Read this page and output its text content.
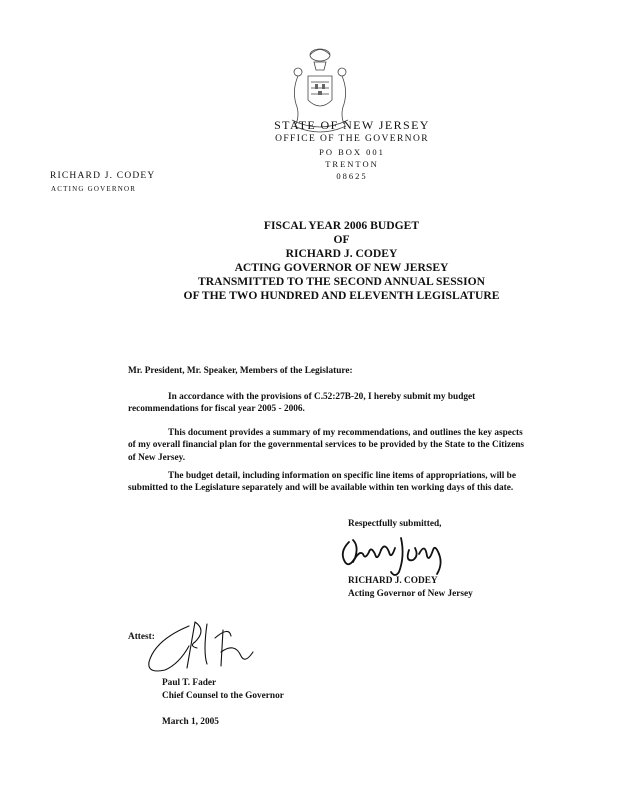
STATE OF NEW JERSEY
OFFICE OF THE GOVERNOR
PO BOX 001
TRENTON
08625
RICHARD J. CODEY
ACTING GOVERNOR
FISCAL YEAR 2006 BUDGET
OF
RICHARD J. CODEY
ACTING GOVERNOR OF NEW JERSEY
TRANSMITTED TO THE SECOND ANNUAL SESSION
OF THE TWO HUNDRED AND ELEVENTH LEGISLATURE
Mr. President, Mr. Speaker, Members of the Legislature:
In accordance with the provisions of C.52:27B-20, I hereby submit my budget recommendations for fiscal year 2005 - 2006.
This document provides a summary of my recommendations, and outlines the key aspects of my overall financial plan for the governmental services to be provided by the State to the Citizens of New Jersey.
The budget detail, including information on specific line items of appropriations, will be submitted to the Legislature separately and will be available within ten working days of this date.
Respectfully submitted,
RICHARD J. CODEY
Acting Governor of New Jersey
Attest:
Paul T. Fader
Chief Counsel to the Governor
March 1, 2005
